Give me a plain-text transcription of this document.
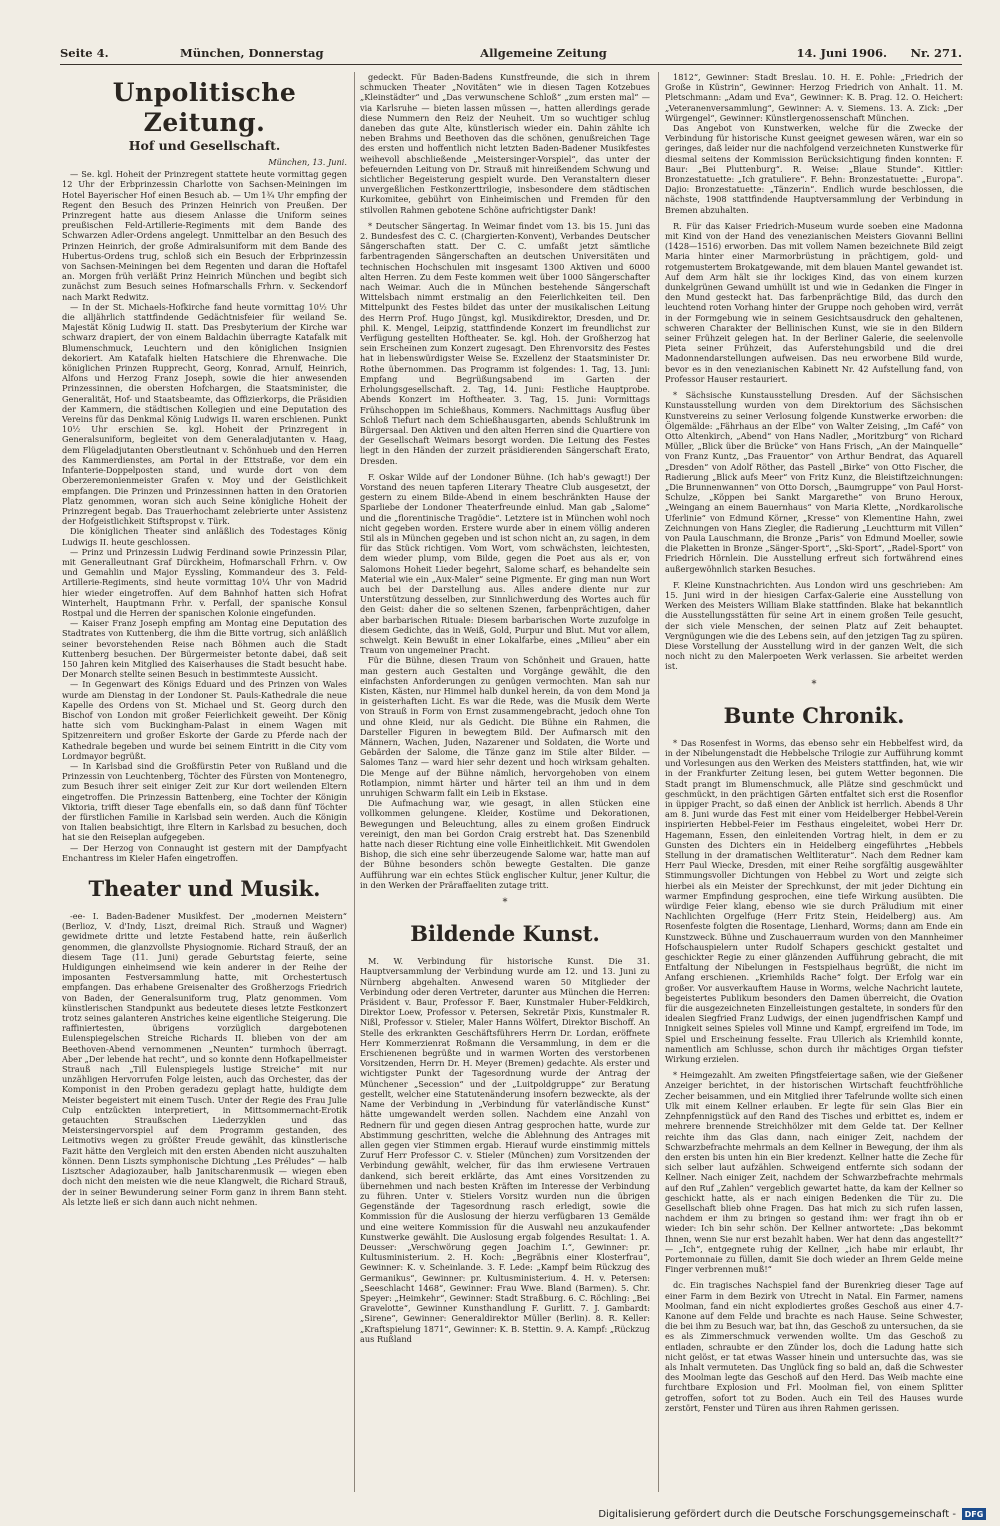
Seite 4.	München, Donnerstag	Allgemeine Zeitung	14. Juni 1906.	Nr. 271.
Unpolitische Zeitung.
Hof und Gesellschaft.
München, 13. Juni.

— Se. kgl. Hoheit der Prinzregent stattete heute vormittag gegen 12 Uhr der Erbprinzessin Charlotte von Sachsen-Meiningen im Hotel Bayerischer Hof einen Besuch ab. — Um 1¾ Uhr empfing der Regent den Besuch des Prinzen Heinrich von Preußen. Der Prinzregent hatte aus diesem Anlasse die Uniform seines preußischen Feld-Artillerie-Regiments mit dem Bande des Schwarzen Adler-Ordens angelegt. Unmittelbar an den Besuch des Prinzen Heinrich, der große Admiralsuniform mit dem Bande des Hubertus-Ordens trug, schloß sich ein Besuch der Erbprinzessin von Sachsen-Meiningen bei dem Regenten und daran die Hoftafel an. Morgen früh verläßt Prinz Heinrich München und begibt sich zunächst zum Besuch seines Hofmarschalls Frhrn. v. Seckendorf nach Markt Redwitz.

— In der St. Michaels-Hofkirche fand heute vormittag 10½ Uhr die alljährlich stattfindende Gedächtnisfeier für weiland Se. Majestät König Ludwig II. statt. Das Presbyterium der Kirche war schwarz drapiert, der von einem Baldachin überragte Katafalk mit Blumenschmuck, Leuchtern und den königlichen Insignien dekoriert. Am Katafalk hielten Hatschiere die Ehrenwache. Die königlichen Prinzen Rupprecht, Georg, Konrad, Arnulf, Heinrich, Alfons und Herzog Franz Joseph, sowie die hier anwesenden Prinzessinnen, die obersten Hofchargen, die Staatsminister, die Generalität, Hof- und Staatsbeamte, das Offizierkorps, die Präsidien der Kammern, die städtischen Kollegien und eine Deputation des Vereins für das Denkmal König Ludwigs II. waren erschienen. Punkt 10½ Uhr erschien Se. kgl. Hoheit der Prinzregent in Generalsuniform, begleitet von dem Generaladjutanten v. Haag, dem Flügeladjutanten Oberstleutnant v. Schönhueb und den Herren des Kammerdienstes, am Portal in der Ettstraße, vor dem ein Infanterie-Doppelposten stand, und wurde dort von dem Oberzeremonienmeister Grafen v. Moy und der Geistlichkeit empfangen. Die Prinzen und Prinzessinnen hatten in den Oratorien Platz genommen, woran sich auch Seine königliche Hoheit der Prinzregent begab. Das Trauerhochamt zelebrierte unter Assistenz der Hofgeistlichkeit Stiftspropst v. Türk.

Die königlichen Theater sind anläßlich des Todestages König Ludwigs II. heute geschlossen.

— Prinz und Prinzessin Ludwig Ferdinand sowie Prinzessin Pilar, mit Generalleutnant Graf Dürckheim, Hofmarschall Frhrn. v. Ow und Gemahlin und Major Eyssling, Kommandeur des 3. Feld-Artillerie-Regiments, sind heute vormittag 10¼ Uhr von Madrid hier wieder eingetroffen. Auf dem Bahnhof hatten sich Hofrat Winterhelt, Hauptmann Frhr. v. Perfall, der spanische Konsul Rostpal und die Herren der spanischen Kolonie eingefunden.

— Kaiser Franz Joseph empfing am Montag eine Deputation des Stadtrates von Kuttenberg, die ihm die Bitte vortrug, sich anläßlich seiner bevorstehenden Reise nach Böhmen auch die Stadt Kuttenberg besuchen. Der Bürgermeister betonte dabei, daß seit 150 Jahren kein Mitglied des Kaiserhauses die Stadt besucht habe. Der Monarch stellte seinen Besuch in bestimmteste Aussicht.

— In Gegenwart des Königs Eduard und des Prinzen von Wales wurde am Dienstag in der Londoner St. Pauls-Kathedrale die neue Kapelle des Ordens von St. Michael und St. Georg durch den Bischof von London mit großer Feierlichkeit geweiht. Der König hatte sich vom Buckingham-Palast in einem Wagen mit Spitzenreitern und großer Eskorte der Garde zu Pferde nach der Kathedrale begeben und wurde bei seinem Eintritt in die City vom Lordmayor begrüßt.

— In Karlsbad sind die Großfürstin Peter von Rußland und die Prinzessin von Leuchtenberg, Töchter des Fürsten von Montenegro, zum Besuch ihrer seit einiger Zeit zur Kur dort weilenden Eltern eingetroffen. Die Prinzessin Battenberg, eine Tochter der Königin Viktoria, trifft dieser Tage ebenfalls ein, so daß dann fünf Töchter der fürstlichen Familie in Karlsbad sein werden. Auch die Königin von Italien beabsichtigt, ihre Eltern in Karlsbad zu besuchen, doch hat sie den Reiseplan aufgegeben.

— Der Herzog von Connaught ist gestern mit der Dampfyacht Enchantress im Kieler Hafen eingetroffen.

Theater und Musik.

-ee- I. Baden-Badener Musikfest. Der „modernen Meistern“ (Berlioz, V. d'Indy, Liszt, dreimal Rich. Strauß und Wagner) gewidmete dritte und letzte Festabend hatte, rein äußerlich genommen, die glanzvollste Physiognomie. Richard Strauß, der an diesem Tage (11. Juni) gerade Geburtstag feierte, seine Huldigungen einheimsend wie kein anderer in der Reihe der imposanten Festversammlung hatte, mit Orchestertusch empfangen. Das erhabene Greisenalter des Großherzogs Friedrich von Baden, der Generalsuniform trug, Platz genommen. Vom künstlerischen Standpunkt aus bedeutete dieses letzte Festkonzert trotz seines galanteren Anstriches keine eigentliche Steigerung. Die raffiniertesten, übrigens vorzüglich dargebotenen Eulenspiegelschen Streiche Richards II. blieben von der am Beethoven-Abend vernommenen „Neunten“ turmhoch überragt. Aber „Der lebende hat recht“, und so konnte denn Hofkapellmeister Strauß nach „Till Eulenspiegels lustige Streiche“ mit nur unzähligen Hervorrufen Folge leisten, auch das Orchester, das der Komponist in den Proben geradezu geplagt hatte, huldigte dem Meister begeistert mit einem Tusch. Unter der Regie des Frau Julie Culp entzückten interpretiert, in Mittsommernacht-Erotik getauchten Straußschen Liederzyklen und das Meistersingervorspiel auf dem Programm gestanden, des Leitmotivs wegen zu größter Freude gewählt, das künstlerische Fazit hätte den Vergleich mit den ersten Abenden nicht auszuhalten können. Denn Liszts symphonische Dichtung „Les Préludes“ — halb Lisztscher Adagiozauber, halb Janitscharenmusik — wiegen eben doch nicht den meisten wie die neue Klangwelt, die Richard Strauß, der in seiner Bewunderung seiner Form ganz in ihrem Bann steht. Als letzte ließ er sich dann auch nicht nehmen.

gedeckt. Für Baden-Badens Kunstfreunde, die sich in ihrem schmucken Theater „Novitäten“ wie in diesen Tagen Kotzebues „Kleinstädter“ und „Das verwunschene Schloß“ „zum ersten mal“ — via Karlsruhe — bieten lassen müssen —, hatten allerdings gerade diese Nummern den Reiz der Neuheit. Um so wuchtiger schlug daneben das gute Alte, künstlerisch wieder ein. Dahin zählte ich neben Brahms und Beethoven das die schönen, genußreichen Tage des ersten und hoffentlich nicht letzten Baden-Badener Musikfestes weihevoll abschließende „Meistersinger-Vorspiel“, das unter der befeuernden Leitung von Dr. Strauß mit hinreißendem Schwung und sichtlicher Begeisterung gespielt wurde. Den Veranstaltern dieser unvergeßlichen Festkonzerttrilogie, insbesondere dem städtischen Kurkomitee, gebührt von Einheimischen und Fremden für den stilvollen Rahmen gebotene Schöne aufrichtigster Dank!

* Deutscher Sängertag. In Weimar findet vom 13. bis 15. Juni das 2. Bundesfest des C. C. (Chargierten-Konvent), Verbandes Deutscher Sängerschaften statt. Der C. C. umfaßt jetzt sämtliche farbentragenden Sängerschaften an deutschen Universitäten und technischen Hochschulen mit insgesamt 1300 Aktiven und 6000 alten Herren. Zu dem Feste kommen weit über 1000 Sängerschafter nach Weimar. Auch die in München bestehende Sängerschaft Wittelsbach nimmt erstmalig an den Feierlichkeiten teil. Den Mittelpunkt des Festes bildet das unter der musikalischen Leitung des Herrn Prof. Hugo Jüngst, kgl. Musikdirektor, Dresden, und Dr. phil. K. Mengel, Leipzig, stattfindende Konzert im freundlichst zur Verfügung gestellten Hoftheater. Se. kgl. Hoh. der Großherzog hat sein Erscheinen zum Konzert zugesagt. Den Ehrenvorsitz des Festes hat in liebenswürdigster Weise Se. Exzellenz der Staatsminister Dr. Rothe übernommen. Das Programm ist folgendes: 1. Tag, 13. Juni: Empfang und Begrüßungsabend im Garten der Erholungsgesellschaft. 2. Tag, 14. Juni: Festliche Hauptprobe. Abends Konzert im Hoftheater. 3. Tag, 15. Juni: Vormittags Frühschoppen im Schießhaus, Kommers. Nachmittags Ausflug über Schloß Tiefurt nach dem Schießhausgarten, abends Schlußtrunk im Bürgersaal. Den Aktiven und den alten Herren sind die Quartiere von der Gesellschaft Weimars besorgt worden. Die Leitung des Festes liegt in den Händen der zurzeit präsidierenden Sängerschaft Erato, Dresden.

F. Oskar Wilde auf der Londoner Bühne. (Ich hab's gewagt!) Der Vorstand des neuen tapferen Literary Theatre Club ausgesetzt, der gestern zu einem Bilde-Abend in einem beschränkten Hause der Sparliebe der Londoner Theaterfreunde einlud. Man gab „Salome“ und die „florentinische Tragödie“. Letztere ist in München wohl noch nicht gegeben worden. Erstere wurde aber in einem völlig anderen Stil als in München gegeben und ist schon nicht an, zu sagen, in dem für das Stück richtigen. Vom Wort, vom schwächsten, leichtesten, dem wieder plump, vom Bilde, gegen die Poet aus als er, von Salomons Hoheit Lieder begehrt, Salome scharf, es behandelte sein Material wie ein „Aux-Maler“ seine Pigmente. Er ging man nun Wort auch bei der Darstellung aus. Alles andere diente nur zur Unterstützung desselben, zur Sinnlichwerdung des Wortes auch für den Geist: daher die so seltenen Szenen, farbenprächtigen, daher aber barbarischen Rituale: Diesem barbarischen Worte zuzufolge in diesem Gedichte, das in Weiß, Gold, Purpur und Blut. Mut vor allem, schwelgt. Kein Bewußt in einer Lokalfarbe, eines „Milieu“ aber ein Traum von ungemeiner Pracht.

Für die Bühne, diesen Traum von Schönheit und Grauen, hatte man gestern auch Gestalten und Vorgänge gewählt, die den einfachsten Anforderungen zu genügen vermochten. Man sah nur Kisten, Kästen, nur Himmel halb dunkel herein, da von dem Mond ja in geisterhaften Licht. Es war die Rede, was die Musik dem Werte von Strauß in Form von Ernst zusammengebracht, jedoch ohne Ton und ohne Kleid, nur als Gedicht. Die Bühne ein Rahmen, die Darsteller Figuren in bewegtem Bild. Der Aufmarsch mit den Männern, Wachen, Juden, Nazarener und Soldaten, die Worte und Gebärden der Salome, die Tänze ganz im Stile alter Bilder. — Salomes Tanz — ward hier sehr dezent und hoch wirksam gehalten. Die Menge auf der Bühne nämlich, hervorgehoben von einem Rotlampion, nimmt härter und härter teil an ihm und in dem unruhigen Schwarm fallt ein Leib in Ekstase.

Die Aufmachung war, wie gesagt, in allen Stücken eine vollkommen gelungene. Kleider, Kostüme und Dekorationen, Bewegungen und Beleuchtung, alles zu einem großen Eindruck vereinigt, den man bei Gordon Craig erstrebt hat. Das Szenenbild hatte nach dieser Richtung eine volle Einheitlichkeit. Mit Gwendolen Bishop, die sich eine sehr überzeugende Salome war, hatte man auf der Bühne besonders schön bewegte Gestalten. Die ganze Aufführung war ein echtes Stück englischer Kultur, jener Kultur, die in den Werken der Präraffaeliten zutage tritt.

*
Bildende Kunst.

M. W. Verbindung für historische Kunst. Die 31. Hauptversammlung der Verbindung wurde am 12. und 13. Juni zu Nürnberg abgehalten. Anwesend waren 50 Mitglieder der Verbindung oder deren Vertreter, darunter aus München die Herren: Präsident v. Baur, Professor F. Baer, Kunstmaler Huber-Feldkirch, Direktor Loew, Professor v. Petersen, Sekretär Pixis, Kunstmaler R. Nißl, Professor v. Stieler, Maler Hanns Wölfert, Direktor Bischoff. An Stelle des erkrankten Geschäftsführers Herrn Dr. Lordan, eröffnete Herr Kommerzienrat Roßmann die Versammlung, in dem er die Erschienenen begrüßte und in warmen Worten des verstorbenen Vorsitzenden, Herrn Dr. H. Meyer (Bremen) gedachte. Als erster und wichtigster Punkt der Tagesordnung wurde der Antrag der Münchener „Secession“ und der „Luitpoldgruppe“ zur Beratung gestellt, welcher eine Statutenänderung insofern bezweckte, als der Name der Verbindung in „Verbindung für vaterländische Kunst“ hätte umgewandelt werden sollen. Nachdem eine Anzahl von Rednern für und gegen diesen Antrag gesprochen hatte, wurde zur Abstimmung geschritten, welche die Ablehnung des Antrages mit allen gegen vier Stimmen ergab. Hierauf wurde einstimmig mittels Zuruf Herr Professor C. v. Stieler (München) zum Vorsitzenden der Verbindung gewählt, welcher, für das ihm erwiesene Vertrauen dankend, sich bereit erklärte, das Amt eines Vorsitzenden zu übernehmen und nach besten Kräften im Interesse der Verbindung zu führen. Unter v. Stielers Vorsitz wurden nun die übrigen Gegenstände der Tagesordnung rasch erledigt, sowie die Kommission für die Auslosung der hierzu verfügbaren 13 Gemälde und eine weitere Kommission für die Auswahl neu anzukaufender Kunstwerke gewählt. Die Auslosung ergab folgendes Resultat: 1. A. Deusser: „Verschwörung gegen Joachim I.“, Gewinner: pr. Kultusministerium. 2. H. Koch: „Begräbnis einer Klosterfrau“, Gewinner: K. v. Scheinlande. 3. F. Lede: „Kampf beim Rückzug des Germanikus“, Gewinner: pr. Kultusministerium. 4. H. v. Petersen: „Seeschlacht 1468“, Gewinner: Frau Wwe. Bland (Barmen). 5. Chr. Speyer: „Heimkehr“, Gewinner: Stadt Straßburg. 6. C. Röchling: „Bei Gravelotte“, Gewinner Kunsthandlung F. Gurlitt. 7. J. Gambardt: „Sirene“, Gewinner: Generaldirektor Müller (Berlin). 8. R. Keller: „Kraftspielung 1871“, Gewinner: K. B. Stettin. 9. A. Kampf: „Rückzug aus Rußland

1812“, Gewinner: Stadt Breslau. 10. H. E. Pohle: „Friedrich der Große in Küstrin“, Gewinner: Herzog Friedrich von Anhalt. 11. M. Pletschmann: „Adam und Eva“, Gewinner: K. B. Prag. 12. O. Heichert: „Veteranenversammlung“, Gewinner: A. v. Siemens. 13. A. Zick: „Der Würgengel“, Gewinner: Künstlergenossenschaft München.

Das Angebot von Kunstwerken, welche für die Zwecke der Verbindung für historische Kunst geeignet gewesen wären, war ein so geringes, daß leider nur die nachfolgend verzeichneten Kunstwerke für diesmal seitens der Kommission Berücksichtigung finden konnten: F. Baur: „Bei Pluttenburg“. R. Weise: „Blaue Stunde“. Kittler: Bronzestatuette: „Ich gratuliere“. F. Behn: Bronzestatuette: „Europa“. Dajio: Bronzestatuette: „Tänzerin“. Endlich wurde beschlossen, die nächste, 1908 stattfindende Hauptversammlung der Verbindung in Bremen abzuhalten.

R. Für das Kaiser Friedrich-Museum wurde soeben eine Madonna mit Kind von der Hand des venezianischen Meisters Giovanni Bellini (1428—1516) erworben. Das mit vollem Namen bezeichnete Bild zeigt Maria hinter einer Marmorbrüstung in prächtigem, gold- und rotgemustertem Brokatgewande, mit dem blauen Mantel gewandet ist. Auf dem Arm hält sie ihr lockiges Kind, das von einem kurzen dunkelgrünen Gewand umhüllt ist und wie in Gedanken die Finger in den Mund gesteckt hat. Das farbenprächtige Bild, das durch den leuchtend roten Vorhang hinter der Gruppe noch gehoben wird, verrät in der Formgebung wie in seinem Gesichtsausdruck den gehaltenen, schweren Charakter der Bellinischen Kunst, wie sie in den Bildern seiner Frühzeit gelegen hat. In der Berliner Galerie, die seelenvolle Pieta seiner Frühzeit, das Auferstehungsbild und die drei Madonnendarstellungen aufweisen. Das neu erworbene Bild wurde, bevor es in den venezianischen Kabinett Nr. 42 Aufstellung fand, von Professor Hauser restauriert.

* Sächsische Kunstausstellung Dresden. Auf der Sächsischen Kunstausstellung wurden von dem Direktorium des Sächsischen Kunstvereins zu seiner Verlosung folgende Kunstwerke erworben: die Ölgemälde: „Fährhaus an der Elbe“ von Walter Zeising, „Im Café“ von Otto Altenkirch, „Abend“ von Hans Nadler, „Moritzburg“ von Richard Müller, „Blick über die Brücke“ von Hans Frisch, „An der Mainquelle“ von Franz Kuntz, „Das Frauentor“ von Arthur Bendrat, das Aquarell „Dresden“ von Adolf Röther, das Pastell „Birke“ von Otto Fischer, die Radierung „Blick aufs Meer“ von Fritz Kunz, die Bleistiftzeichnungen: „Die Brunnenwannen“ von Otto Dorsch, „Baumgruppe“ von Paul Horst-Schulze, „Köppen bei Sankt Margarethe“ von Bruno Heroux, „Weingang an einem Bauernhaus“ von Maria Klette, „Nordkarolische Uferlinie“ von Edmund Körner, „Kresse“ von Klementine Hahn, zwei Zeichnungen von Hans Ziegler, die Radierung „Leuchtturm mit Villen“ von Paula Lauschmann, die Bronze „Paris“ von Edmund Moeller, sowie die Plaketten in Bronze „Sänger-Sport“, „Ski-Sport“, „Radel-Sport“ von Friedrich Hörnlein. Die Ausstellung erfreut sich fortwährend eines außergewöhnlich starken Besuches.

F. Kleine Kunstnachrichten. Aus London wird uns geschrieben: Am 15. Juni wird in der hiesigen Carfax-Galerie eine Ausstellung von Werken des Meisters William Blake stattfinden. Blake hat bekanntlich die Ausstellungsstätten für seine Art in einem großen Teile gesucht, der sich viele Menschen, der seinen Platz auf Zeit behauptet. Vergnügungen wie die des Lebens sein, auf den jetzigen Tag zu spüren. Diese Vorstellung der Ausstellung wird in der ganzen Welt, die sich noch nicht zu den Malerpoeten Werk verlassen. Sie arbeitet werden ist.

*
Bunte Chronik.

* Das Rosenfest in Worms, das ebenso sehr ein Hebbelfest wird, da in der Nibelungenstadt die Hebbelsche Trilogie zur Aufführung kommt und Vorlesungen aus den Werken des Meisters stattfinden, hat, wie wir in der Frankfurter Zeitung lesen, bei gutem Wetter begonnen. Die Stadt prangt im Blumenschmuck, alle Plätze sind geschmückt und geschmückt, in den prächtigen Gärten entfaltet sich erst die Rosenflor in üppiger Pracht, so daß einen der Anblick ist herrlich. Abends 8 Uhr am 8. Juni wurde das Fest mit einer vom Heidelberger Hebbel-Verein inspirierten Hebbel-Feier im Festhaus eingeleitet, wobei Herr Dr. Hagemann, Essen, den einleitenden Vortrag hielt, in dem er zu Gunsten des Dichters ein in Heidelberg eingeführtes „Hebbels Stellung in der dramatischen Weltliteratur“. Nach dem Redner kam Herr Paul Wiecke, Dresden, mit einer Reihe sorgfältig ausgewählter Stimmungsvoller Dichtungen von Hebbel zu Wort und zeigte sich hierbei als ein Meister der Sprechkunst, der mit jeder Dichtung ein warmer Empfindung gesprochen, eine tiefe Wirkung ausübten. Die würdige Feier klang, ebenso wie sie durch Präludium mit einer Nachlichten Orgelfuge (Herr Fritz Stein, Heidelberg) aus. Am Rosenfeste folgten die Rosentage, Lienhard, Worms; dann am Ende ein Kunstzweck. Bühne und Zuschauerraum wurden von den Mannheimer Hofschauspielern unter Rudolf Schapers geschickt gestaltet und geschickter Regie zu einer glänzenden Aufführung gebracht, die mit Entfaltung der Nibelungen in Festspielhaus begrüßt, die nicht im Anfang erschienen. „Kriemhilds Rache“ folgt. Der Erfolg war ein großer. Vor ausverkauftem Hause in Worms, welche Nachricht lautete, begeistertes Publikum besonders den Damen überreicht, die Ovation für die ausgezeichneten Einzelleistungen gestaltete, in sonders für den idealen Siegfried Franz Ludwigs, der einen jugendfrischen Kampf und Innigkeit seines Spieles voll Minne und Kampf, ergreifend im Tode, im Spiel und Erscheinung fesselte. Frau Ullerich als Kriemhild konnte, namentlich am Schlusse, schon durch ihr mächtiges Organ tiefster Wirkung erzielen.

* Heimgezahlt. Am zweiten Pfingstfeiertage saßen, wie der Gießener Anzeiger berichtet, in der historischen Wirtschaft feuchtfröhliche Zecher beisammen, und ein Mitglied ihrer Tafelrunde wollte sich einen Ulk mit einem Kellner erlauben. Er legte für sein Glas Bier ein Zehnpfennigstück auf den Rand des Tisches und erbittet es, indem er mehrere brennende Streichhölzer mit dem Gelde tat. Der Kellner reichte ihm das Glas dann, nach einiger Zeit, nachdem der Schwarzbefrachte mehrmals an dem Kellner in Bewegung, der ihm als den ersten bis unten hin ein Bier kredenzt. Kellner hatte die Zeche für sich selber laut aufzählen. Schweigend entfernte sich sodann der Kellner. Nach einiger Zeit, nachdem der Schwarzbefrachte mehrmals auf den Ruf „Zahlen“ vergeblich gewartet hatte, da kam der Kellner so geschickt hatte, als er nach einigen Bedenken die Tür zu. Die Gesellschaft blieb ohne Fragen. Das hat mich zu sich rufen lassen, nachdem er ihm zu bringen so gestand ihm: wer fragt ihn ob er wieder: Ich bin sehr schön. Der Kellner antwortete: „Das bekommt Ihnen, wenn Sie nur erst bezahlt haben. Wer hat denn das angestellt?“ — „Ich“, entgegnete ruhig der Kellner, „ich habe mir erlaubt, Ihr Portemonnaie zu füllen, damit Sie doch wieder an Ihrem Gelde meine Finger verbrennen muß!“

dc. Ein tragisches Nachspiel fand der Burenkrieg dieser Tage auf einer Farm in dem Bezirk von Utrecht in Natal. Ein Farmer, namens Moolman, fand ein nicht explodiertes großes Geschoß aus einer 4.7-Kanone auf dem Felde und brachte es nach Hause. Seine Schwester, die bei ihm zu Besuch war, bat ihn, das Geschoß zu untersuchen, da sie es als Zimmerschmuck verwenden wollte. Um das Geschoß zu entladen, schraubte er den Zünder los, doch die Ladung hatte sich nicht gelöst, er tat etwas Wasser hinein und untersuchte das, was sie als Inhalt vermuteten. Das Unglück fing so bald an, daß die Schwester des Moolman legte das Geschoß auf den Herd. Das Weib machte eine furchtbare Explosion und Frl. Moolman fiel, von einem Splitter getroffen, sofort tot zu Boden. Auch ein Teil des Hauses wurde zerstört, Fenster und Türen aus ihren Rahmen gerissen.

Digitalisierung gefördert durch die Deutsche Forschungsgemeinschaft -	DFG
